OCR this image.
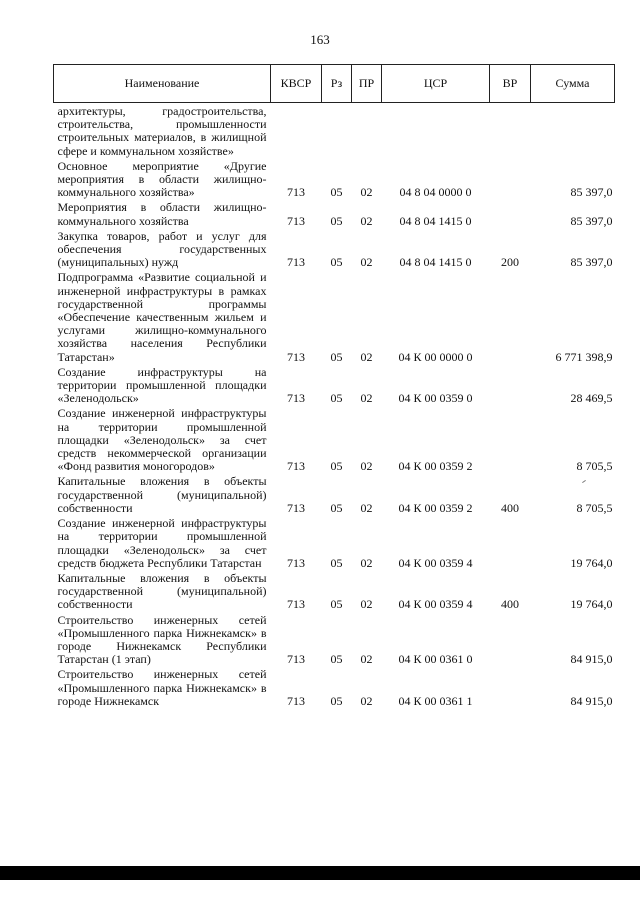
163
Наименование	КВСР	Рз	ПР	ЦСР	ВР	Сумма
архитектуры, градостроительства, строительства, промышленности строительных материалов, в жилищной сфере и коммунальном хозяйстве»						
Основное мероприятие «Другие мероприятия в области жилищно-коммунального хозяйства»	713	05	02	04 8 04 0000 0		85 397,0
Мероприятия в области жилищно-коммунального хозяйства	713	05	02	04 8 04 1415 0		85 397,0
Закупка товаров, работ и услуг для обеспечения государственных (муниципальных) нужд	713	05	02	04 8 04 1415 0	200	85 397,0
Подпрограмма «Развитие социальной и инженерной инфраструктуры в рамках государственной программы «Обеспечение качественным жильем и услугами жилищно-коммунального хозяйства населения Республики Татарстан»	713	05	02	04 К 00 0000 0		6 771 398,9
Создание инфраструктуры на территории промышленной площадки «Зеленодольск»	713	05	02	04 К 00 0359 0		28 469,5
Создание инженерной инфраструктуры на территории промышленной площадки «Зеленодольск» за счет средств некоммерческой организации «Фонд развития моногородов»	713	05	02	04 К 00 0359 2		8 705,5
Капитальные вложения в объекты государственной (муниципальной) собственности	713	05	02	04 К 00 0359 2	400	8 705,5
Создание инженерной инфраструктуры на территории промышленной площадки «Зеленодольск» за счет средств бюджета Республики Татарстан	713	05	02	04 К 00 0359 4		19 764,0
Капитальные вложения в объекты государственной (муниципальной) собственности	713	05	02	04 К 00 0359 4	400	19 764,0
Строительство инженерных сетей «Промышленного парка Нижнекамск» в городе Нижнекамск Республики Татарстан (1 этап)	713	05	02	04 К 00 0361 0		84 915,0
Строительство инженерных сетей «Промышленного парка Нижнекамск» в городе Нижнекамск	713	05	02	04 К 00 0361 1		84 915,0
